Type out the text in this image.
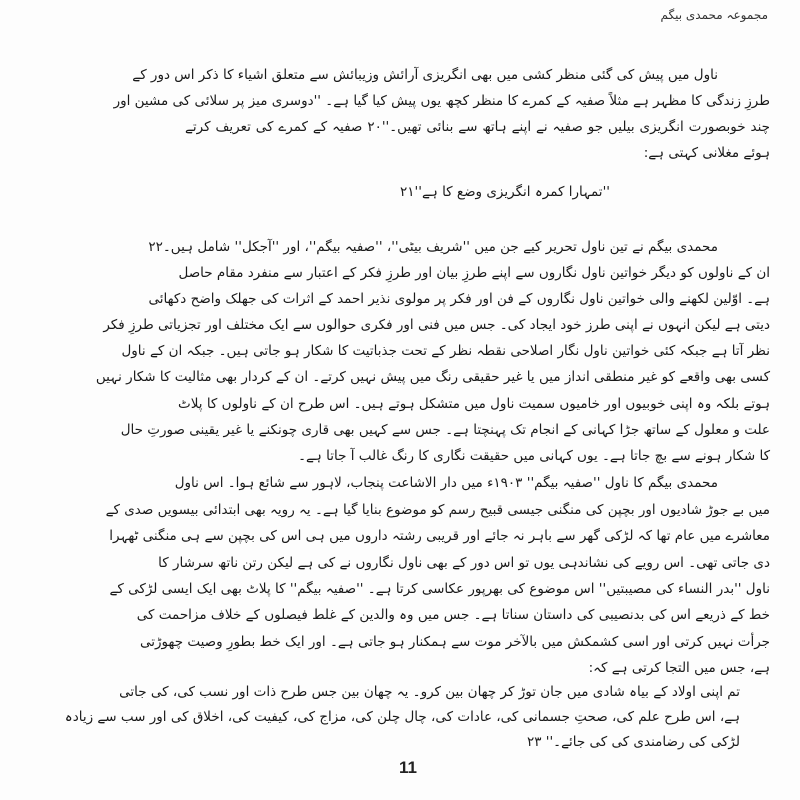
مجموعہ محمدی بیگم
ناول میں پیش کی گئی منظر کشی میں بھی انگریزی آرائش وزیبائش سے متعلق اشیاء کا ذکر اس دور کے
طرزِ زندگی کا مظہر ہے مثلاً صفیہ کے کمرے کا منظر کچھ یوں پیش کیا گیا ہے۔ ''دوسری میز پر سلائی کی مشین اور
چند خوبصورت انگریزی بیلیں جو صفیہ نے اپنے ہاتھ سے بنائی تھیں۔''۲۰ صفیہ کے کمرے کی تعریف کرتے
ہوئے مغلانی کہتی ہے:
''تمہارا کمرہ انگریزی وضع کا ہے''۲۱
محمدی بیگم نے تین ناول تحریر کیے جن میں ''شریف بیٹی''، ''صفیہ بیگم''، اور ''آجکل'' شامل ہیں۔۲۲
ان کے ناولوں کو دیگر خواتین ناول نگاروں سے اپنے طرزِ بیان اور طرزِ فکر کے اعتبار سے منفرد مقام حاصل
ہے۔ اوّلین لکھنے والی خواتین ناول نگاروں کے فن اور فکر پر مولوی نذیر احمد کے اثرات کی جھلک واضح دکھائی
دیتی ہے لیکن انہوں نے اپنی طرز خود ایجاد کی۔ جس میں فنی اور فکری حوالوں سے ایک مختلف اور تجزیاتی طرزِ فکر
نظر آتا ہے جبکہ کئی خواتین ناول نگار اصلاحی نقطہ نظر کے تحت جذباتیت کا شکار ہو جاتی ہیں۔ جبکہ ان کے ناول
کسی بھی واقعے کو غیر منطقی انداز میں یا غیر حقیقی رنگ میں پیش نہیں کرتے۔ ان کے کردار بھی مثالیت کا شکار نہیں
ہوتے بلکہ وہ اپنی خوبیوں اور خامیوں سمیت ناول میں متشکل ہوتے ہیں۔ اس طرح ان کے ناولوں کا پلاٹ
علت و معلول کے ساتھ جڑا کہانی کے انجام تک پہنچتا ہے۔ جس سے کہیں بھی قاری چونکنے یا غیر یقینی صورتِ حال
کا شکار ہونے سے بچ جاتا ہے۔ یوں کہانی میں حقیقت نگاری کا رنگ غالب آ جاتا ہے۔
محمدی بیگم کا ناول ''صفیہ بیگم'' ۱۹۰۳ء میں دار الاشاعت پنجاب، لاہور سے شائع ہوا۔ اس ناول
میں بے جوڑ شادیوں اور بچپن کی منگنی جیسی قبیح رسم کو موضوع بنایا گیا ہے۔ یہ رویہ بھی ابتدائی بیسویں صدی کے
معاشرے میں عام تھا کہ لڑکی گھر سے باہر نہ جائے اور قریبی رشتہ داروں میں ہی اس کی بچپن سے ہی منگنی ٹھہرا
دی جاتی تھی۔ اس رویے کی نشاندہی یوں تو اس دور کے بھی ناول نگاروں نے کی ہے لیکن رتن ناتھ سرشار کا
ناول ''بدر النساء کی مصیبتیں'' اس موضوع کی بھرپور عکاسی کرتا ہے۔ ''صفیہ بیگم'' کا پلاٹ بھی ایک ایسی لڑکی کے
خط کے ذریعے اس کی بدنصیبی کی داستان سناتا ہے۔ جس میں وہ والدین کے غلط فیصلوں کے خلاف مزاحمت کی
جرأت نہیں کرتی اور اسی کشمکش میں بالآخر موت سے ہمکنار ہو جاتی ہے۔ اور ایک خط بطورِ وصیت چھوڑتی
ہے، جس میں التجا کرتی ہے کہ:
تم اپنی اولاد کے بیاہ شادی میں جان توڑ کر چھان بین کرو۔ یہ چھان بین جس طرح ذات اور نسب کی، کی جاتی
ہے، اس طرح علم کی، صحتِ جسمانی کی، عادات کی، چال چلن کی، مزاج کی، کیفیت کی، اخلاق کی اور سب سے زیادہ
لڑکی کی رضامندی کی کی جائے۔'' ۲۳
11
